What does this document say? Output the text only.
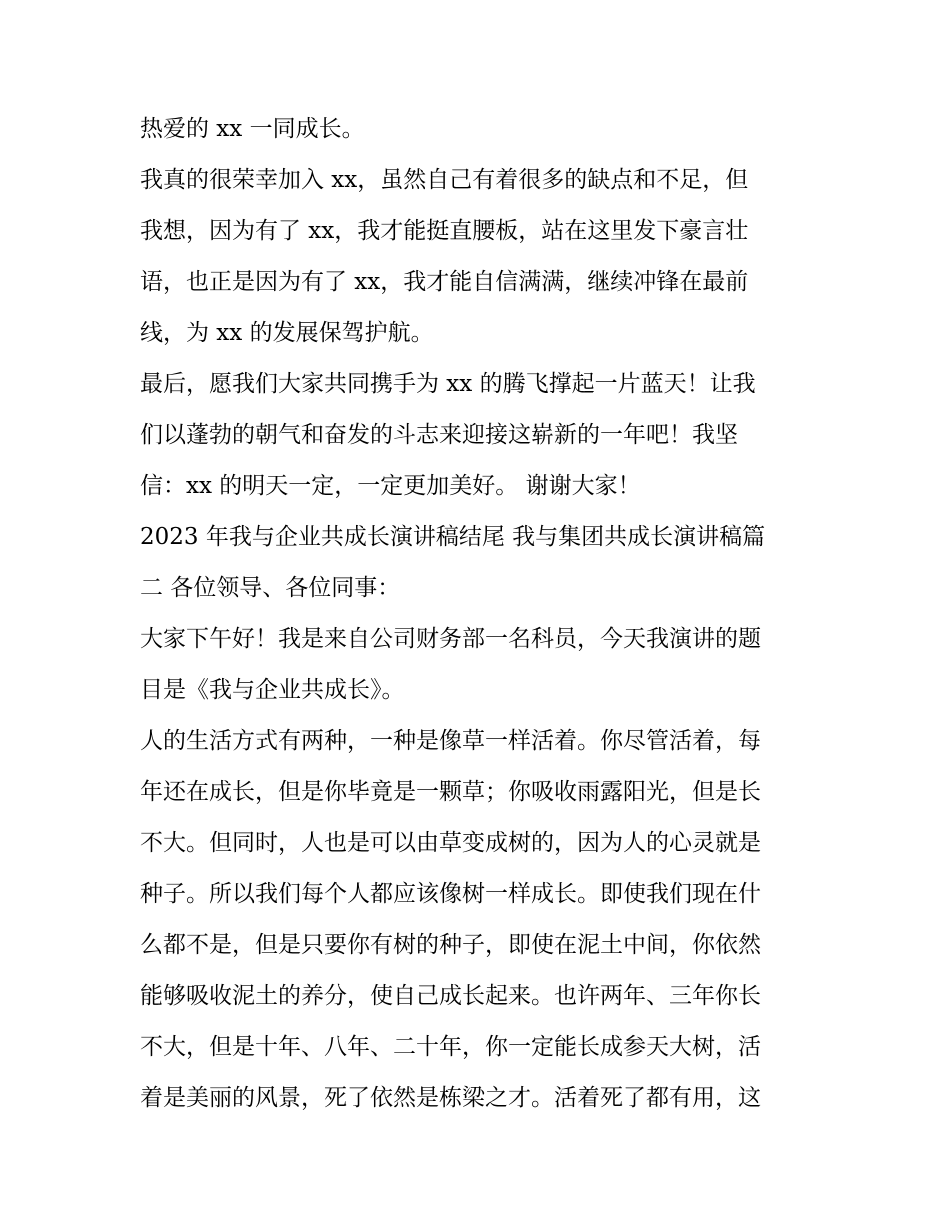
热爱的 xx 一同成长。
我真的很荣幸加入 xx，虽然自己有着很多的缺点和不足，但
我想，因为有了 xx，我才能挺直腰板，站在这里发下豪言壮
语，也正是因为有了 xx，我才能自信满满，继续冲锋在最前
线，为 xx 的发展保驾护航。
最后，愿我们大家共同携手为 xx 的腾飞撑起一片蓝天！让我
们以蓬勃的朝气和奋发的斗志来迎接这崭新的一年吧！我坚
信：xx 的明天一定，一定更加美好。 谢谢大家！
2023 年我与企业共成长演讲稿结尾 我与集团共成长演讲稿篇
二 各位领导、各位同事：
大家下午好！我是来自公司财务部一名科员，今天我演讲的题
目是《我与企业共成长》。
人的生活方式有两种，一种是像草一样活着。你尽管活着，每
年还在成长，但是你毕竟是一颗草；你吸收雨露阳光，但是长
不大。但同时，人也是可以由草变成树的，因为人的心灵就是
种子。所以我们每个人都应该像树一样成长。即使我们现在什
么都不是，但是只要你有树的种子，即使在泥土中间，你依然
能够吸收泥土的养分，使自己成长起来。也许两年、三年你长
不大，但是十年、八年、二十年，你一定能长成参天大树，活
着是美丽的风景，死了依然是栋梁之才。活着死了都有用，这
